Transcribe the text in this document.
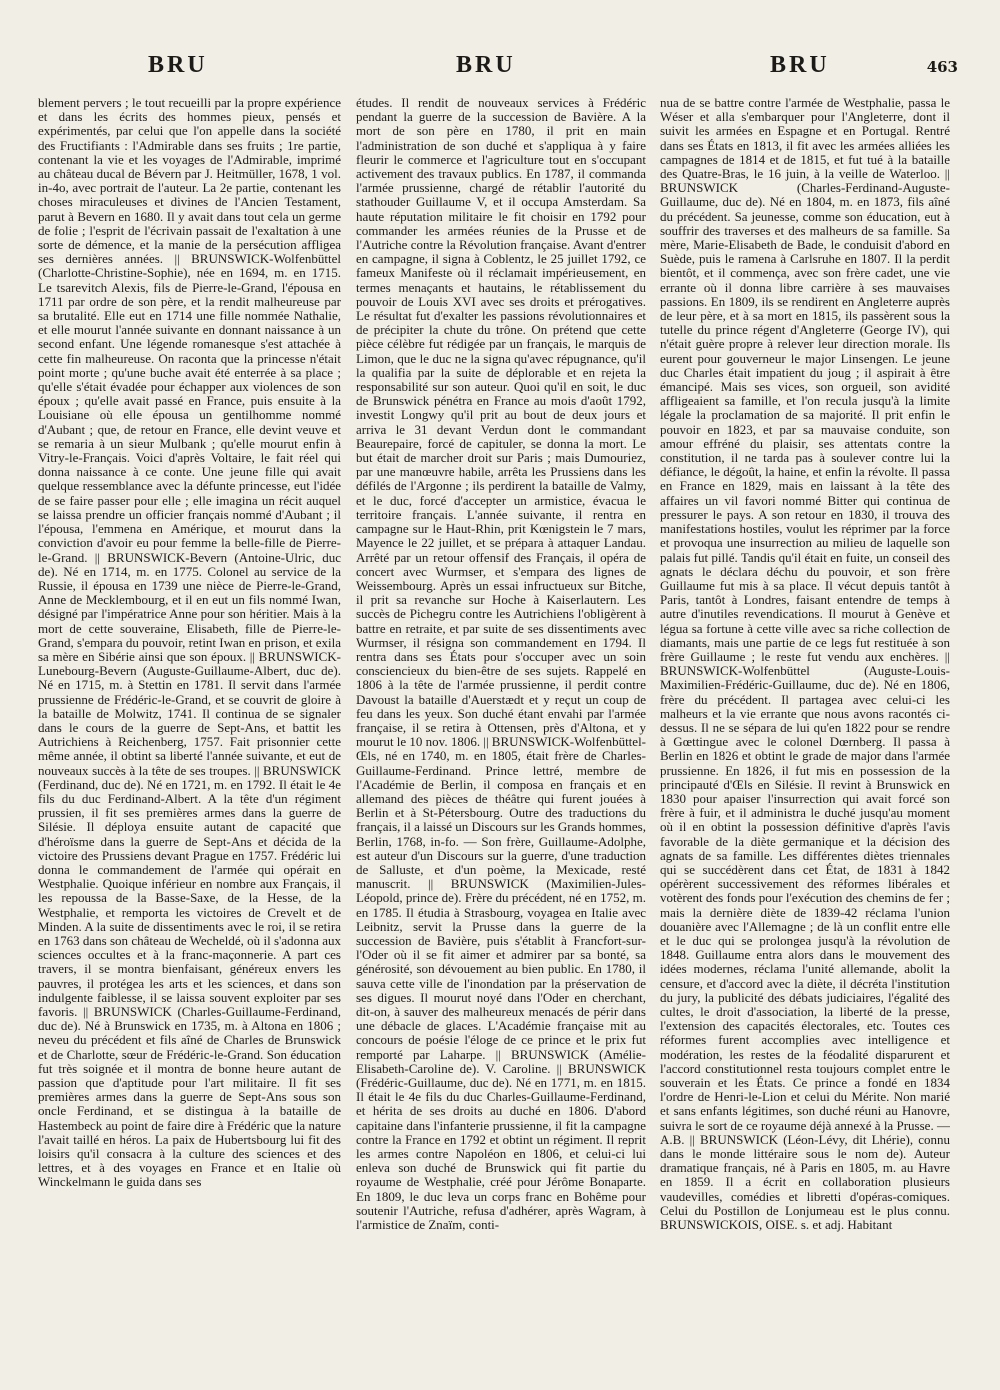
BRU	BRU	BRU	463

blement pervers ; le tout recueilli par la propre expérience et dans les écrits des hommes pieux, pensés et expérimentés, par celui que l'on appelle dans la société des Fructifiants : l'Admirable dans ses fruits ; 1re partie, contenant la vie et les voyages de l'Admirable, imprimé au château ducal de Bévern par J. Heitmüller, 1678, 1 vol. in-4o, avec portrait de l'auteur. La 2e partie, contenant les choses miraculeuses et divines de l'Ancien Testament, parut à Bevern en 1680. Il y avait dans tout cela un germe de folie ; l'esprit de l'écrivain passait de l'exaltation à une sorte de démence, et la manie de la persécution affligea ses dernières années. || BRUNSWICK-Wolfenbüttel (Charlotte-Christine-Sophie), née en 1694, m. en 1715. Le tsarevitch Alexis, fils de Pierre-le-Grand, l'épousa en 1711 par ordre de son père, et la rendit malheureuse par sa brutalité. Elle eut en 1714 une fille nommée Nathalie, et elle mourut l'année suivante en donnant naissance à un second enfant. Une légende romanesque s'est attachée à cette fin malheureuse. On raconta que la princesse n'était point morte ; qu'une buche avait été enterrée à sa place ; qu'elle s'était évadée pour échapper aux violences de son époux ; qu'elle avait passé en France, puis ensuite à la Louisiane où elle épousa un gentilhomme nommé d'Aubant ; que, de retour en France, elle devint veuve et se remaria à un sieur Mulbank ; qu'elle mourut enfin à Vitry-le-Français. Voici d'après Voltaire, le fait réel qui donna naissance à ce conte. Une jeune fille qui avait quelque ressemblance avec la défunte princesse, eut l'idée de se faire passer pour elle ; elle imagina un récit auquel se laissa prendre un officier français nommé d'Aubant ; il l'épousa, l'emmena en Amérique, et mourut dans la conviction d'avoir eu pour femme la belle-fille de Pierre-le-Grand. || BRUNSWICK-Bevern (Antoine-Ulric, duc de). Né en 1714, m. en 1775. Colonel au service de la Russie, il épousa en 1739 une nièce de Pierre-le-Grand, Anne de Mecklembourg, et il en eut un fils nommé Iwan, désigné par l'impératrice Anne pour son héritier. Mais à la mort de cette souveraine, Elisabeth, fille de Pierre-le-Grand, s'empara du pouvoir, retint Iwan en prison, et exila sa mère en Sibérie ainsi que son époux. || BRUNSWICK-Lunebourg-Bevern (Auguste-Guillaume-Albert, duc de). Né en 1715, m. à Stettin en 1781. Il servit dans l'armée prussienne de Frédéric-le-Grand, et se couvrit de gloire à la bataille de Molwitz, 1741. Il continua de se signaler dans le cours de la guerre de Sept-Ans, et battit les Autrichiens à Reichenberg, 1757. Fait prisonnier cette même année, il obtint sa liberté l'année suivante, et eut de nouveaux succès à la tête de ses troupes. || BRUNSWICK (Ferdinand, duc de). Né en 1721, m. en 1792. Il était le 4e fils du duc Ferdinand-Albert. A la tête d'un régiment prussien, il fit ses premières armes dans la guerre de Silésie. Il déploya ensuite autant de capacité que d'héroïsme dans la guerre de Sept-Ans et décida de la victoire des Prussiens devant Prague en 1757. Frédéric lui donna le commandement de l'armée qui opérait en Westphalie. Quoique inférieur en nombre aux Français, il les repoussa de la Basse-Saxe, de la Hesse, de la Westphalie, et remporta les victoires de Crevelt et de Minden. A la suite de dissentiments avec le roi, il se retira en 1763 dans son château de Wecheldé, où il s'adonna aux sciences occultes et à la franc-maçonnerie. A part ces travers, il se montra bienfaisant, généreux envers les pauvres, il protégea les arts et les sciences, et dans son indulgente faiblesse, il se laissa souvent exploiter par ses favoris. || BRUNSWICK (Charles-Guillaume-Ferdinand, duc de). Né à Brunswick en 1735, m. à Altona en 1806 ; neveu du précédent et fils aîné de Charles de Brunswick et de Charlotte, sœur de Frédéric-le-Grand. Son éducation fut très soignée et il montra de bonne heure autant de passion que d'aptitude pour l'art militaire. Il fit ses premières armes dans la guerre de Sept-Ans sous son oncle Ferdinand, et se distingua à la bataille de Hastembeck au point de faire dire à Frédéric que la nature l'avait taillé en héros. La paix de Hubertsbourg lui fit des loisirs qu'il consacra à la culture des sciences et des lettres, et à des voyages en France et en Italie où Winckelmann le guida dans ses

études. Il rendit de nouveaux services à Frédéric pendant la guerre de la succession de Bavière. A la mort de son père en 1780, il prit en main l'administration de son duché et s'appliqua à y faire fleurir le commerce et l'agriculture tout en s'occupant activement des travaux publics. En 1787, il commanda l'armée prussienne, chargé de rétablir l'autorité du stathouder Guillaume V, et il occupa Amsterdam. Sa haute réputation militaire le fit choisir en 1792 pour commander les armées réunies de la Prusse et de l'Autriche contre la Révolution française. Avant d'entrer en campagne, il signa à Coblentz, le 25 juillet 1792, ce fameux Manifeste où il réclamait impérieusement, en termes menaçants et hautains, le rétablissement du pouvoir de Louis XVI avec ses droits et prérogatives. Le résultat fut d'exalter les passions révolutionnaires et de précipiter la chute du trône. On prétend que cette pièce célèbre fut rédigée par un français, le marquis de Limon, que le duc ne la signa qu'avec répugnance, qu'il la qualifia par la suite de déplorable et en rejeta la responsabilité sur son auteur. Quoi qu'il en soit, le duc de Brunswick pénétra en France au mois d'août 1792, investit Longwy qu'il prit au bout de deux jours et arriva le 31 devant Verdun dont le commandant Beaurepaire, forcé de capituler, se donna la mort. Le but était de marcher droit sur Paris ; mais Dumouriez, par une manœuvre habile, arrêta les Prussiens dans les défilés de l'Argonne ; ils perdirent la bataille de Valmy, et le duc, forcé d'accepter un armistice, évacua le territoire français. L'année suivante, il rentra en campagne sur le Haut-Rhin, prit Kœnigstein le 7 mars, Mayence le 22 juillet, et se prépara à attaquer Landau. Arrêté par un retour offensif des Français, il opéra de concert avec Wurmser, et s'empara des lignes de Weissembourg. Après un essai infructueux sur Bitche, il prit sa revanche sur Hoche à Kaiserlautern. Les succès de Pichegru contre les Autrichiens l'obligèrent à battre en retraite, et par suite de ses dissentiments avec Wurmser, il résigna son commandement en 1794. Il rentra dans ses États pour s'occuper avec un soin consciencieux du bien-être de ses sujets. Rappelé en 1806 à la tête de l'armée prussienne, il perdit contre Davoust la bataille d'Auerstædt et y reçut un coup de feu dans les yeux. Son duché étant envahi par l'armée française, il se retira à Ottensen, près d'Altona, et y mourut le 10 nov. 1806. || BRUNSWICK-Wolfenbüttel-Œls, né en 1740, m. en 1805, était frère de Charles-Guillaume-Ferdinand. Prince lettré, membre de l'Académie de Berlin, il composa en français et en allemand des pièces de théâtre qui furent jouées à Berlin et à St-Pétersbourg. Outre des traductions du français, il a laissé un Discours sur les Grands hommes, Berlin, 1768, in-fo. — Son frère, Guillaume-Adolphe, est auteur d'un Discours sur la guerre, d'une traduction de Salluste, et d'un poème, la Mexicade, resté manuscrit. || BRUNSWICK (Maximilien-Jules-Léopold, prince de). Frère du précédent, né en 1752, m. en 1785. Il étudia à Strasbourg, voyagea en Italie avec Leibnitz, servit la Prusse dans la guerre de la succession de Bavière, puis s'établit à Francfort-sur-l'Oder où il se fit aimer et admirer par sa bonté, sa générosité, son dévouement au bien public. En 1780, il sauva cette ville de l'inondation par la préservation de ses digues. Il mourut noyé dans l'Oder en cherchant, dit-on, à sauver des malheureux menacés de périr dans une débacle de glaces. L'Académie française mit au concours de poésie l'éloge de ce prince et le prix fut remporté par Laharpe. || BRUNSWICK (Amélie-Elisabeth-Caroline de). V. Caroline. || BRUNSWICK (Frédéric-Guillaume, duc de). Né en 1771, m. en 1815. Il était le 4e fils du duc Charles-Guillaume-Ferdinand, et hérita de ses droits au duché en 1806. D'abord capitaine dans l'infanterie prussienne, il fit la campagne contre la France en 1792 et obtint un régiment. Il reprit les armes contre Napoléon en 1806, et celui-ci lui enleva son duché de Brunswick qui fit partie du royaume de Westphalie, créé pour Jérôme Bonaparte. En 1809, le duc leva un corps franc en Bohême pour soutenir l'Autriche, refusa d'adhérer, après Wagram, à l'armistice de Znaïm, conti-

nua de se battre contre l'armée de Westphalie, passa le Wéser et alla s'embarquer pour l'Angleterre, dont il suivit les armées en Espagne et en Portugal. Rentré dans ses États en 1813, il fit avec les armées alliées les campagnes de 1814 et de 1815, et fut tué à la bataille des Quatre-Bras, le 16 juin, à la veille de Waterloo. || BRUNSWICK (Charles-Ferdinand-Auguste-Guillaume, duc de). Né en 1804, m. en 1873, fils aîné du précédent. Sa jeunesse, comme son éducation, eut à souffrir des traverses et des malheurs de sa famille. Sa mère, Marie-Elisabeth de Bade, le conduisit d'abord en Suède, puis le ramena à Carlsruhe en 1807. Il la perdit bientôt, et il commença, avec son frère cadet, une vie errante où il donna libre carrière à ses mauvaises passions. En 1809, ils se rendirent en Angleterre auprès de leur père, et à sa mort en 1815, ils passèrent sous la tutelle du prince régent d'Angleterre (George IV), qui n'était guère propre à relever leur direction morale. Ils eurent pour gouverneur le major Linsengen. Le jeune duc Charles était impatient du joug ; il aspirait à être émancipé. Mais ses vices, son orgueil, son avidité affligeaient sa famille, et l'on recula jusqu'à la limite légale la proclamation de sa majorité. Il prit enfin le pouvoir en 1823, et par sa mauvaise conduite, son amour effréné du plaisir, ses attentats contre la constitution, il ne tarda pas à soulever contre lui la défiance, le dégoût, la haine, et enfin la révolte. Il passa en France en 1829, mais en laissant à la tête des affaires un vil favori nommé Bitter qui continua de pressurer le pays. A son retour en 1830, il trouva des manifestations hostiles, voulut les réprimer par la force et provoqua une insurrection au milieu de laquelle son palais fut pillé. Tandis qu'il était en fuite, un conseil des agnats le déclara déchu du pouvoir, et son frère Guillaume fut mis à sa place. Il vécut depuis tantôt à Paris, tantôt à Londres, faisant entendre de temps à autre d'inutiles revendications. Il mourut à Genève et légua sa fortune à cette ville avec sa riche collection de diamants, mais une partie de ce legs fut restituée à son frère Guillaume ; le reste fut vendu aux enchères. || BRUNSWICK-Wolfenbüttel (Auguste-Louis-Maximilien-Frédéric-Guillaume, duc de). Né en 1806, frère du précédent. Il partagea avec celui-ci les malheurs et la vie errante que nous avons racontés ci-dessus. Il ne se sépara de lui qu'en 1822 pour se rendre à Gœttingue avec le colonel Dœrnberg. Il passa à Berlin en 1826 et obtint le grade de major dans l'armée prussienne. En 1826, il fut mis en possession de la principauté d'Œls en Silésie. Il revint à Brunswick en 1830 pour apaiser l'insurrection qui avait forcé son frère à fuir, et il administra le duché jusqu'au moment où il en obtint la possession définitive d'après l'avis favorable de la diète germanique et la décision des agnats de sa famille. Les différentes diètes triennales qui se succédèrent dans cet État, de 1831 à 1842 opérèrent successivement des réformes libérales et votèrent des fonds pour l'exécution des chemins de fer ; mais la dernière diète de 1839-42 réclama l'union douanière avec l'Allemagne ; de là un conflit entre elle et le duc qui se prolongea jusqu'à la révolution de 1848. Guillaume entra alors dans le mouvement des idées modernes, réclama l'unité allemande, abolit la censure, et d'accord avec la diète, il décréta l'institution du jury, la publicité des débats judiciaires, l'égalité des cultes, le droit d'association, la liberté de la presse, l'extension des capacités électorales, etc. Toutes ces réformes furent accomplies avec intelligence et modération, les restes de la féodalité disparurent et l'accord constitutionnel resta toujours complet entre le souverain et les États. Ce prince a fondé en 1834 l'ordre de Henri-le-Lion et celui du Mérite. Non marié et sans enfants légitimes, son duché réuni au Hanovre, suivra le sort de ce royaume déjà annexé à la Prusse. — A.B. || BRUNSWICK (Léon-Lévy, dit Lhérie), connu dans le monde littéraire sous le nom de). Auteur dramatique français, né à Paris en 1805, m. au Havre en 1859. Il a écrit en collaboration plusieurs vaudevilles, comédies et libretti d'opéras-comiques. Celui du Postillon de Lonjumeau est le plus connu. BRUNSWICKOIS, OISE. s. et adj. Habitant
